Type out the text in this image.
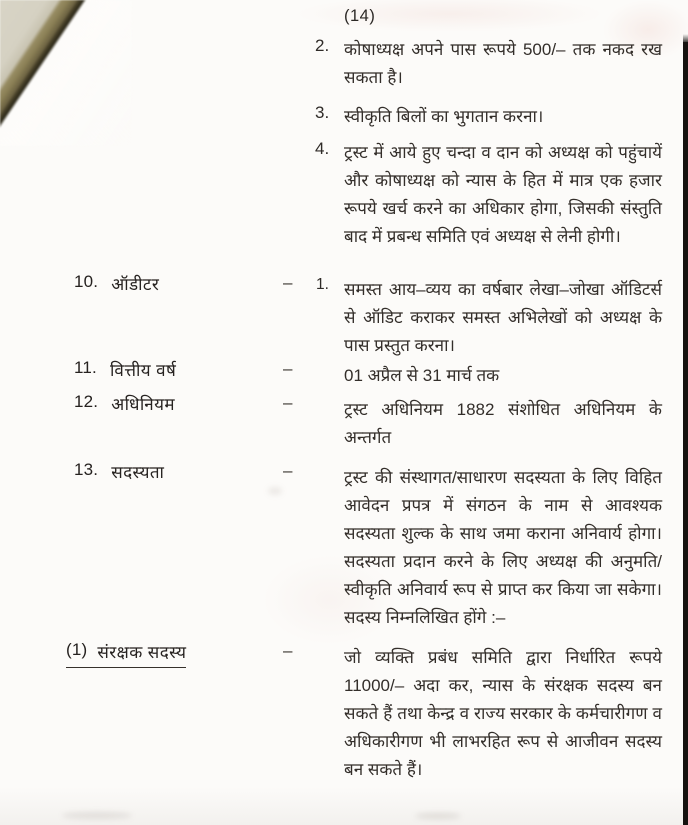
(14)
2. कोषाध्यक्ष अपने पास रूपये 500/– तक नकद रख सकता है।
3. स्वीकृति बिलों का भुगतान करना।
4. ट्रस्ट में आये हुए चन्दा व दान को अध्यक्ष को पहुंचायें और कोषाध्यक्ष को न्यास के हित में मात्र एक हजार रूपये खर्च करने का अधिकार होगा, जिसकी संस्तुति बाद में प्रबन्ध समिति एवं अध्यक्ष से लेनी होगी।
10. ऑडीटर	– 1. समस्त आय–व्यय का वर्षबार लेखा–जोखा ऑडिटर्स से ऑडिट कराकर समस्त अभिलेखों को अध्यक्ष के पास प्रस्तुत करना।
11. वित्तीय वर्ष	–	01 अप्रैल से 31 मार्च तक
12. अधिनियम	–	ट्रस्ट अधिनियम 1882 संशोधित अधिनियम के अन्तर्गत
13. सदस्यता	–	ट्रस्ट की संस्थागत/साधारण सदस्यता के लिए विहित आवेदन प्रपत्र में संगठन के नाम से आवश्यक सदस्यता शुल्क के साथ जमा कराना अनिवार्य होगा। सदस्यता प्रदान करने के लिए अध्यक्ष की अनुमति/स्वीकृति अनिवार्य रूप से प्राप्त कर किया जा सकेगा। सदस्य निम्नलिखित होंगे :–
(1) संरक्षक सदस्य	–	जो व्यक्ति प्रबंध समिति द्वारा निर्धारित रूपये 11000/– अदा कर, न्यास के संरक्षक सदस्य बन सकते हैं तथा केन्द्र व राज्य सरकार के कर्मचारीगण व अधिकारीगण भी लाभरहित रूप से आजीवन सदस्य बन सकते हैं।
